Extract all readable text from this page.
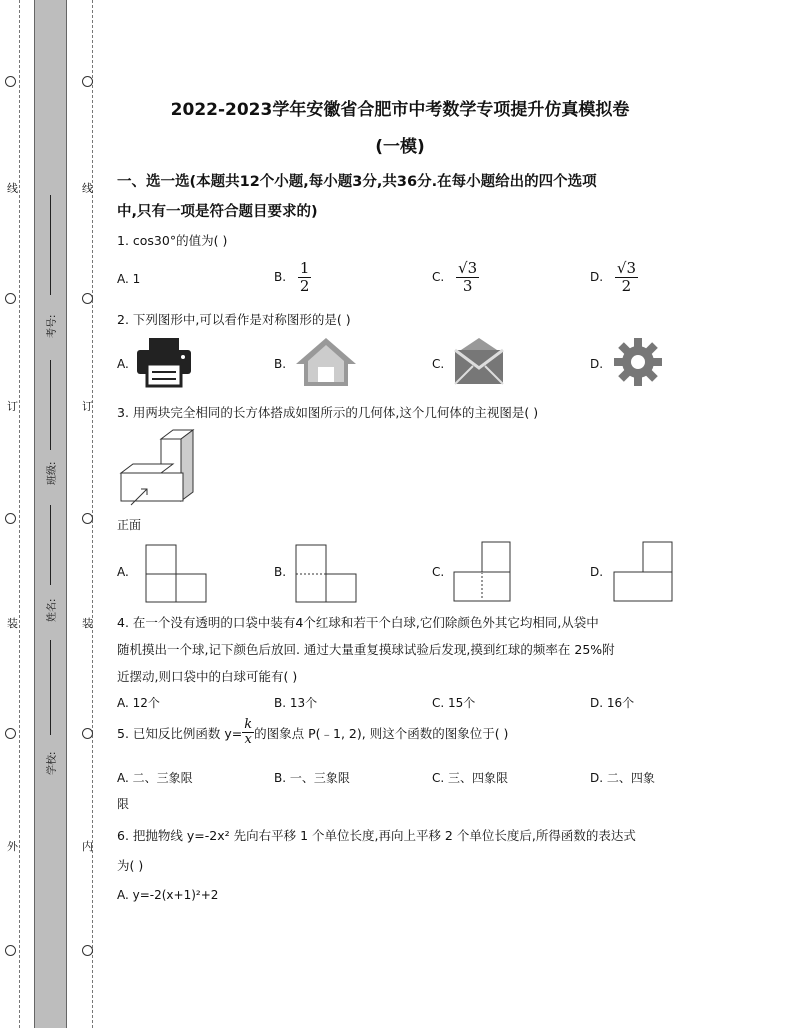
线
订
装
外
线
订
装
内
考号:
班级:
姓名:
学校:
2022-2023学年安徽省合肥市中考数学专项提升仿真模拟卷
(一模)
一、选一选(本题共12个小题,每小题3分,共36分.在每小题给出的四个选项
中,只有一项是符合题目要求的)
1. cos30°的值为( )
A. 1	B. $\frac{1}{2}$	C. $\frac{√3}{3}$	D. $\frac{√3}{2}$
2. 下列图形中,可以看作是对称图形的是( )
A.	B.	C.	D.
3. 用两块完全相同的长方体搭成如图所示的几何体,这个几何体的主视图是( )
正面
A.	B.	C.	D.
4. 在一个没有透明的口袋中装有4个红球和若干个白球,它们除颜色外其它均相同,从袋中
随机摸出一个球,记下颜色后放回. 通过大量重复摸球试验后发现,摸到红球的频率在 25%附
近摆动,则口袋中的白球可能有( )
A. 12个	B. 13个	C. 15个	D. 16个
5. 已知反比例函数 $y= \frac{k}{x}$ 的图象点 P(﹣1, 2), 则这个函数的图象位于( )
A. 二、三象限	B. 一、三象限	C. 三、四象限	D. 二、四象
限
6. 把抛物线 y=-2x² 先向右平移 1 个单位长度,再向上平移 2 个单位长度后,所得函数的表达式
为( )
A. y=-2(x+1)²+2
